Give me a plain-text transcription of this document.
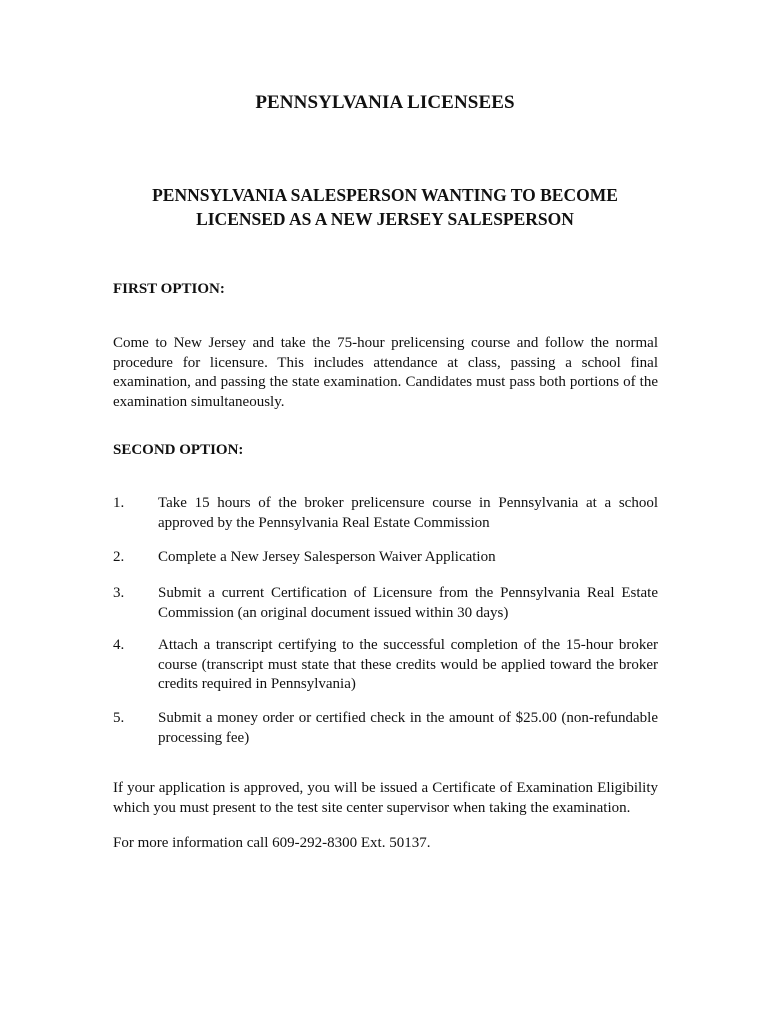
PENNSYLVANIA LICENSEES
PENNSYLVANIA SALESPERSON WANTING TO BECOME
LICENSED AS A NEW JERSEY SALESPERSON
FIRST OPTION:

Come to New Jersey and take the 75-hour prelicensing course and follow the normal procedure for licensure. This includes attendance at class, passing a school final examination, and passing the state examination. Candidates must pass both portions of the examination simultaneously.

SECOND OPTION:
1. Take 15 hours of the broker prelicensure course in Pennsylvania at a school approved by the Pennsylvania Real Estate Commission
2. Complete a New Jersey Salesperson Waiver Application
3. Submit a current Certification of Licensure from the Pennsylvania Real Estate Commission (an original document issued within 30 days)
4. Attach a transcript certifying to the successful completion of the 15-hour broker course (transcript must state that these credits would be applied toward the broker credits required in Pennsylvania)
5. Submit a money order or certified check in the amount of $25.00 (non-refundable processing fee)

If your application is approved, you will be issued a Certificate of Examination Eligibility which you must present to the test site center supervisor when taking the examination.

For more information call 609-292-8300 Ext. 50137.
